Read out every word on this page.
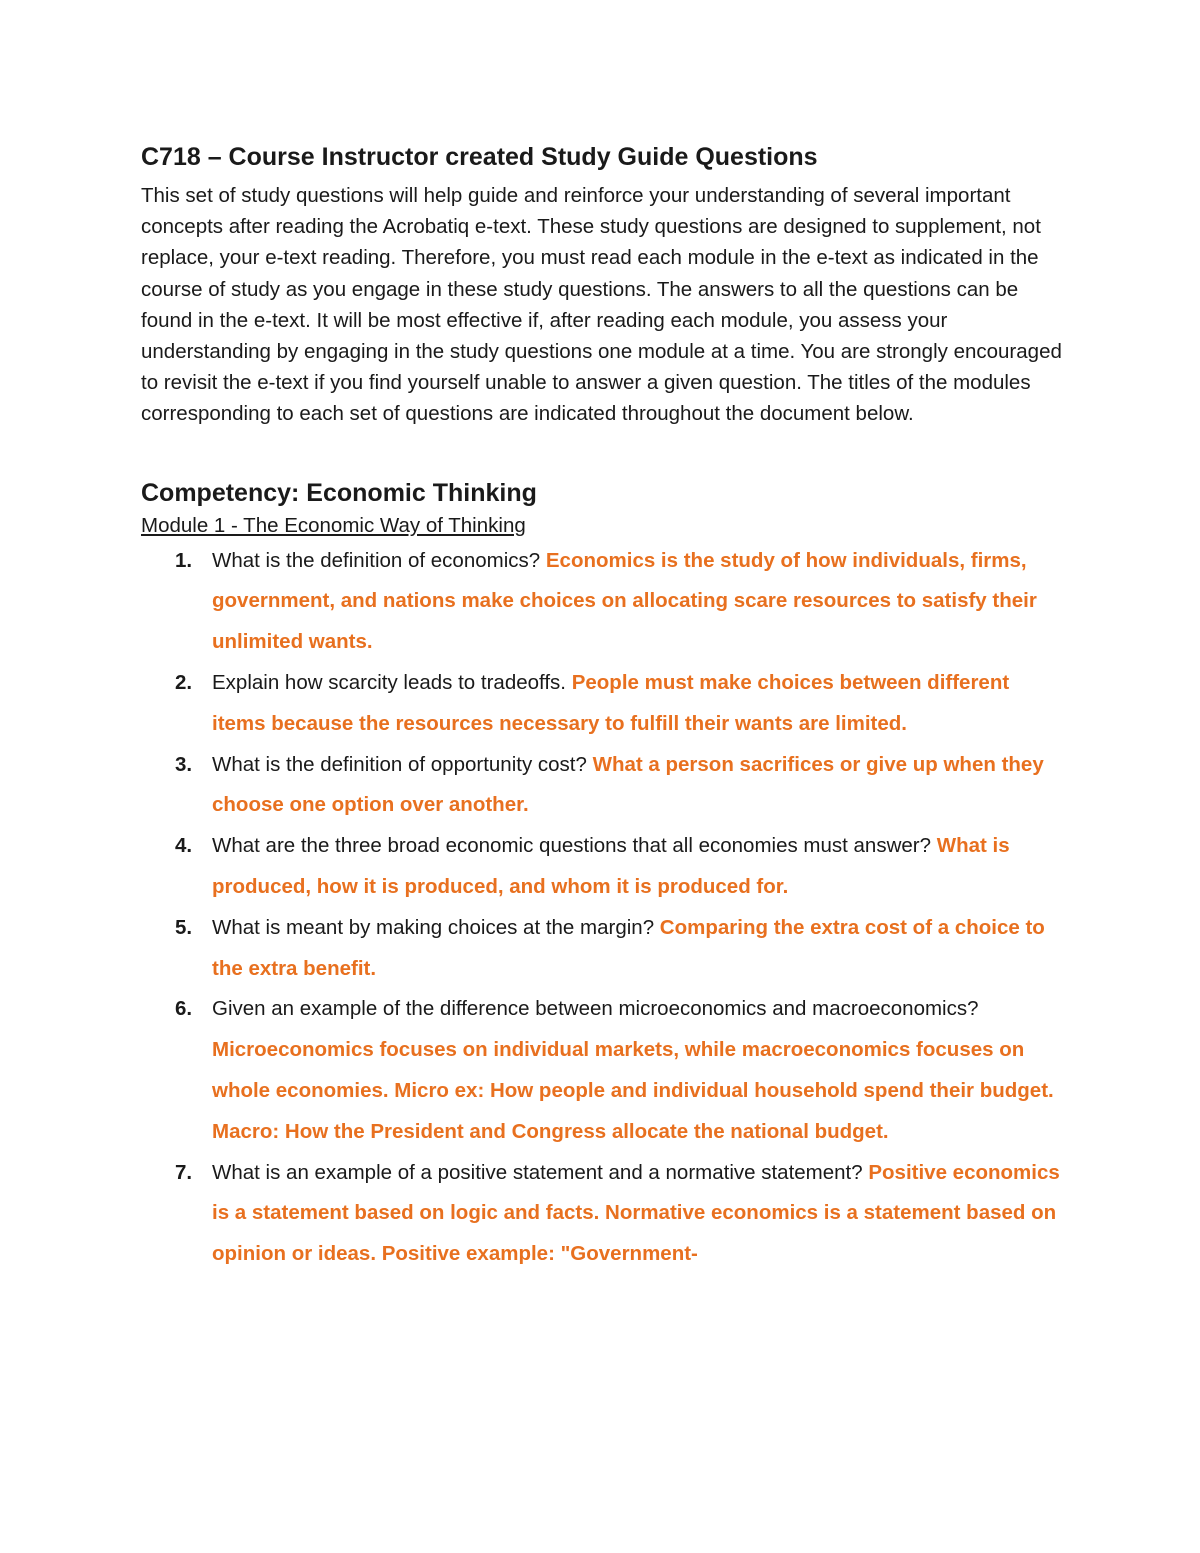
C718 – Course Instructor created Study Guide Questions

This set of study questions will help guide and reinforce your understanding of several important concepts after reading the Acrobatiq e-text. These study questions are designed to supplement, not replace, your e-text reading. Therefore, you must read each module in the e-text as indicated in the course of study as you engage in these study questions. The answers to all the questions can be found in the e-text. It will be most effective if, after reading each module, you assess your understanding by engaging in the study questions one module at a time. You are strongly encouraged to revisit the e-text if you find yourself unable to answer a given question. The titles of the modules corresponding to each set of questions are indicated throughout the document below.

Competency: Economic Thinking

Module 1 - The Economic Way of Thinking

1. What is the definition of economics? Economics is the study of how individuals, firms, government, and nations make choices on allocating scare resources to satisfy their unlimited wants.
2. Explain how scarcity leads to tradeoffs. People must make choices between different items because the resources necessary to fulfill their wants are limited.
3. What is the definition of opportunity cost? What a person sacrifices or give up when they choose one option over another.
4. What are the three broad economic questions that all economies must answer? What is produced, how it is produced, and whom it is produced for.
5. What is meant by making choices at the margin? Comparing the extra cost of a choice to the extra benefit.
6. Given an example of the difference between microeconomics and macroeconomics? Microeconomics focuses on individual markets, while macroeconomics focuses on whole economies. Micro ex: How people and individual household spend their budget. Macro: How the President and Congress allocate the national budget.
7. What is an example of a positive statement and a normative statement? Positive economics is a statement based on logic and facts. Normative economics is a statement based on opinion or ideas. Positive example: "Government-
